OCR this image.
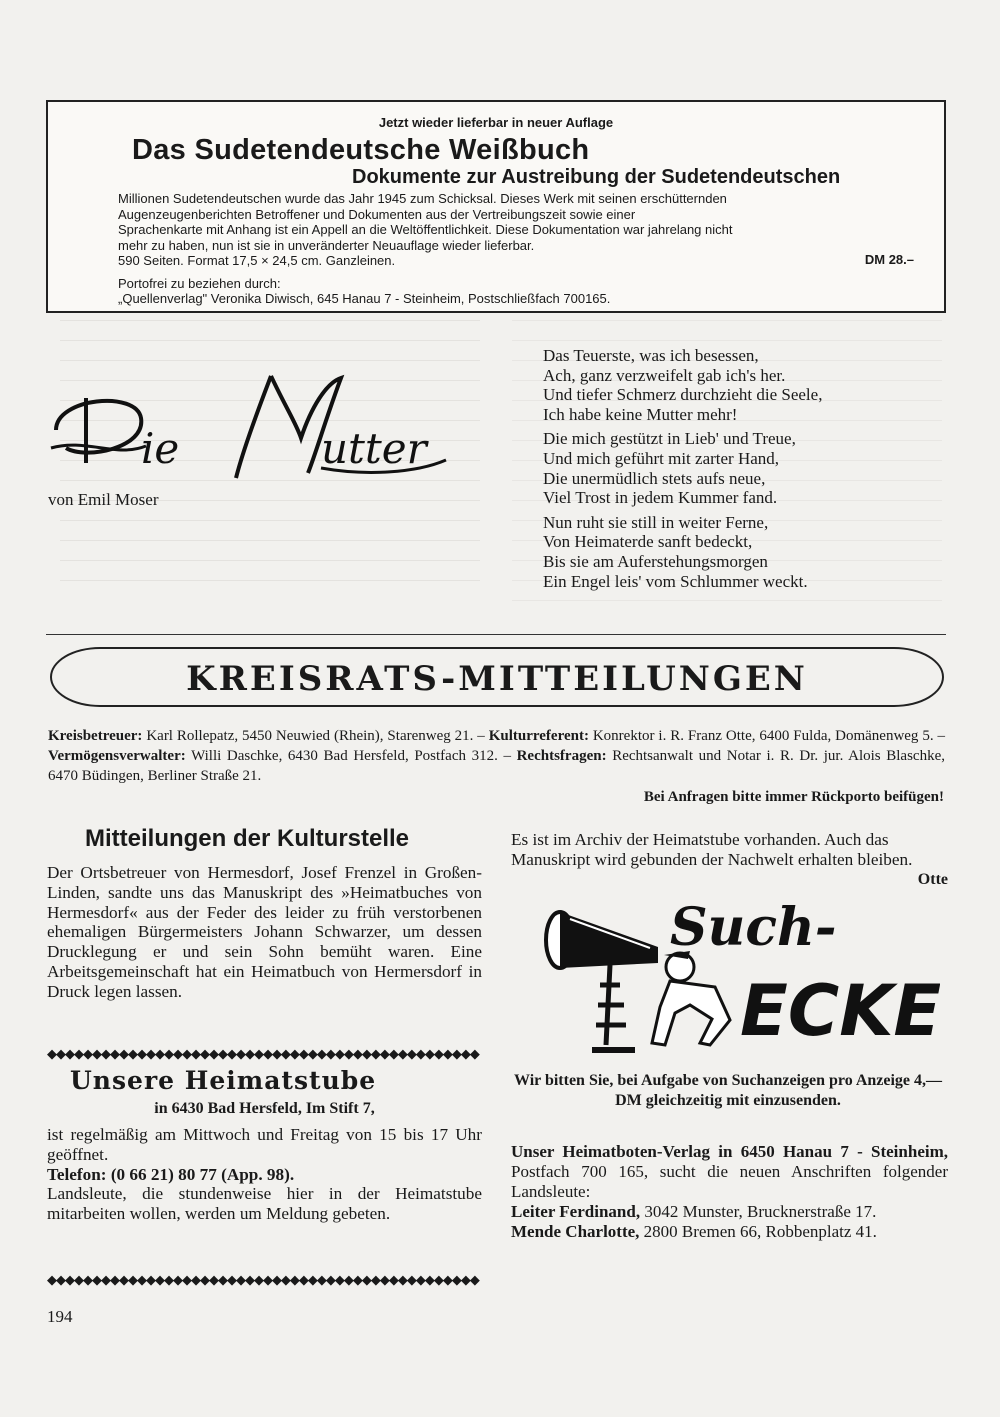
Jetzt wieder lieferbar in neuer Auflage
Das Sudetendeutsche Weißbuch
Dokumente zur Austreibung der Sudetendeutschen
Millionen Sudetendeutschen wurde das Jahr 1945 zum Schicksal. Dieses Werk mit seinen erschütternden
Augenzeugenberichten Betroffener und Dokumenten aus der Vertreibungszeit sowie einer
Sprachenkarte mit Anhang ist ein Appell an die Weltöffentlichkeit. Diese Dokumentation war jahrelang nicht
mehr zu haben, nun ist sie in unveränderter Neuauflage wieder lieferbar.
590 Seiten. Format 17,5 × 24,5 cm. Ganzleinen.	DM 28.–
Portofrei zu beziehen durch:
„Quellenverlag" Veronika Diwisch, 645 Hanau 7 - Steinheim, Postschließfach 700165.
ie	utter
von Emil Moser
Das Teuerste, was ich besessen,
Ach, ganz verzweifelt gab ich's her.
Und tiefer Schmerz durchzieht die Seele,
Ich habe keine Mutter mehr!
Die mich gestützt in Lieb' und Treue,
Und mich geführt mit zarter Hand,
Die unermüdlich stets aufs neue,
Viel Trost in jedem Kummer fand.
Nun ruht sie still in weiter Ferne,
Von Heimaterde sanft bedeckt,
Bis sie am Auferstehungsmorgen
Ein Engel leis' vom Schlummer weckt.
KREISRATS-MITTEILUNGEN
Kreisbetreuer: Karl Rollepatz, 5450 Neuwied (Rhein), Starenweg 21. – Kulturreferent: Konrektor i. R. Franz Otte, 6400 Fulda, Domänenweg 5. – Vermögensverwalter: Willi Daschke, 6430 Bad Hersfeld, Postfach 312. – Rechtsfragen: Rechtsanwalt und Notar i. R. Dr. jur. Alois Blaschke, 6470 Büdingen, Berliner Straße 21.
Bei Anfragen bitte immer Rückporto beifügen!
Mitteilungen der Kulturstelle
Der Ortsbetreuer von Hermesdorf, Josef Frenzel in Großen-Linden, sandte uns das Manuskript des »Heimatbuches von Hermesdorf« aus der Feder des leider zu früh verstorbenen ehemaligen Bürgermeisters Johann Schwarzer, um dessen Drucklegung er und sein Sohn bemüht waren. Eine Arbeitsgemeinschaft hat ein Heimatbuch von Hermersdorf in Druck legen lassen.
◆◆◆◆◆◆◆◆◆◆◆◆◆◆◆◆◆◆◆◆◆◆◆◆◆◆◆◆◆◆◆◆◆◆◆◆◆◆◆◆◆◆◆◆◆◆◆◆
Unsere Heimatstube
in 6430 Bad Hersfeld, Im Stift 7,
ist regelmäßig am Mittwoch und Freitag von 15 bis 17 Uhr geöffnet.
Telefon: (0 66 21) 80 77 (App. 98).
Landsleute, die stundenweise hier in der Heimatstube mitarbeiten wollen, werden um Meldung gebeten.
◆◆◆◆◆◆◆◆◆◆◆◆◆◆◆◆◆◆◆◆◆◆◆◆◆◆◆◆◆◆◆◆◆◆◆◆◆◆◆◆◆◆◆◆◆◆◆◆
Es ist im Archiv der Heimatstube vorhanden. Auch das Manuskript wird gebunden der Nachwelt erhalten bleiben.
Otte
Such-
ECKE
Wir bitten Sie, bei Aufgabe von Suchanzeigen pro Anzeige 4,— DM gleichzeitig mit einzusenden.
Unser Heimatboten-Verlag in 6450 Hanau 7 - Steinheim, Postfach 700 165, sucht die neuen Anschriften folgender Landsleute:
Leiter Ferdinand, 3042 Munster, Brucknerstraße 17.
Mende Charlotte, 2800 Bremen 66, Robbenplatz 41.
194
